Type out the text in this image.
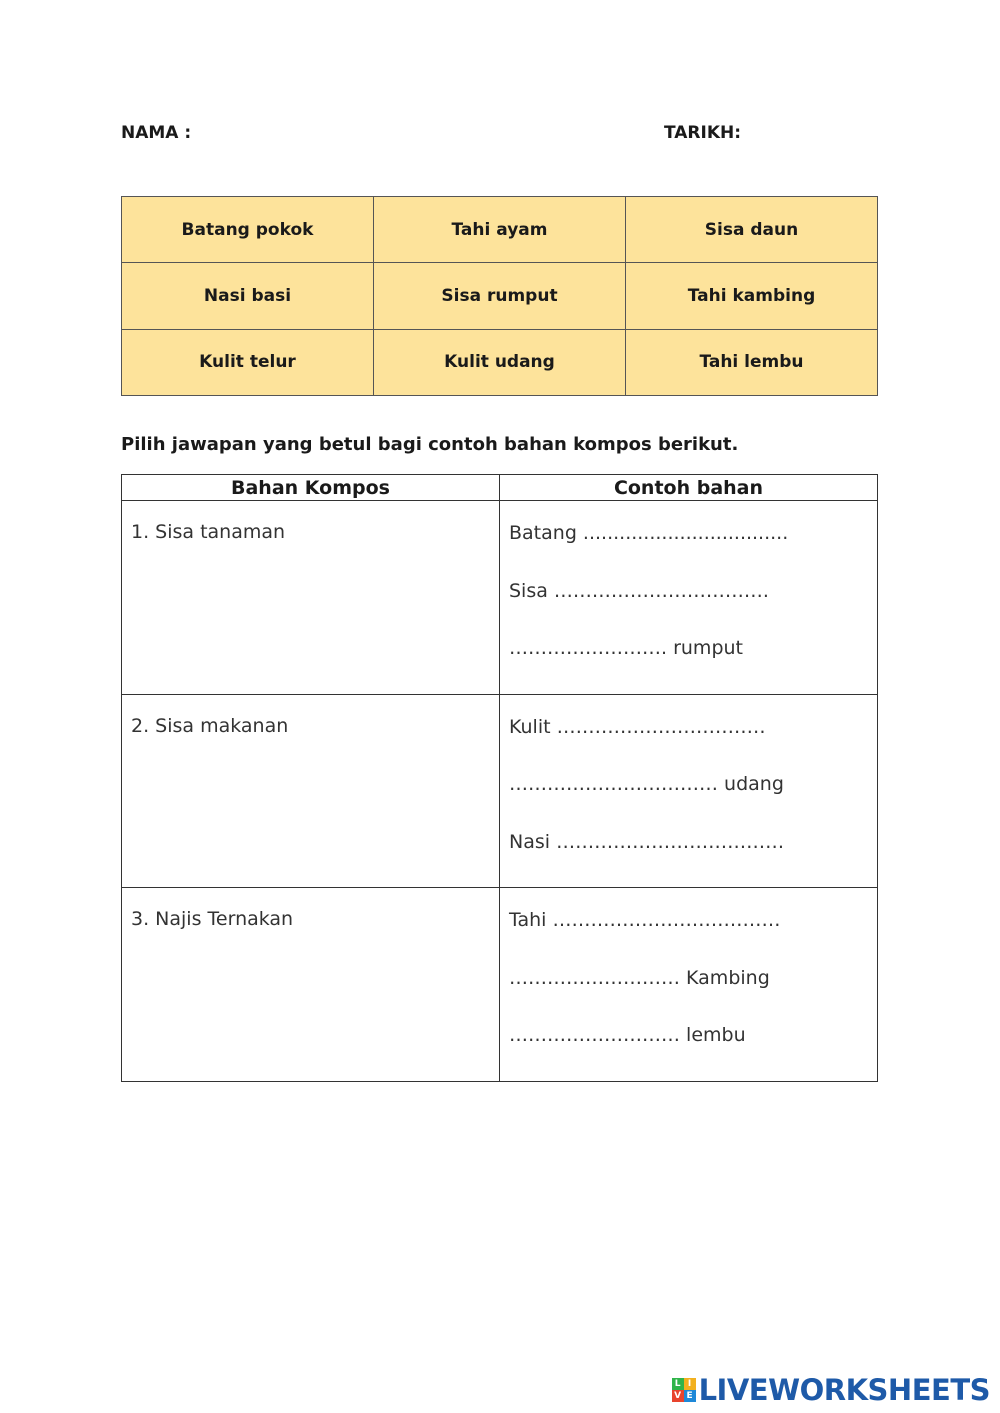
NAMA :	TARIKH:
Batang pokok	Tahi ayam	Sisa daun
Nasi basi	Sisa rumput	Tahi kambing
Kulit telur	Kulit udang	Tahi lembu
Pilih jawapan yang betul bagi contoh bahan kompos berikut.
Bahan Kompos	Contoh bahan

1. Sisa tanaman	Batang ..................................
Sisa …………………………….
……………………. rumput

2. Sisa makanan	Kulit ……………………………
…………………………… udang
Nasi ………………………………

3. Najis Ternakan	Tahi ………………………………
……………………… Kambing
……………………… lembu
L I
V E LIVEWORKSHEETS
